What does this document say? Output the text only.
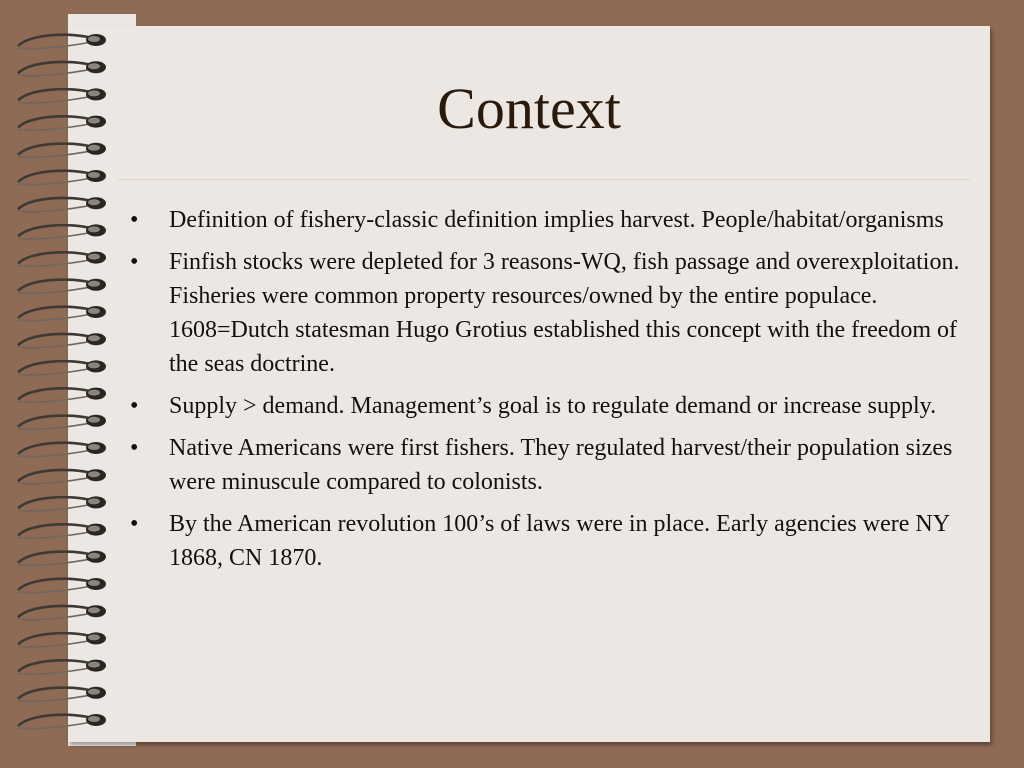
Context
• Definition of fishery-classic definition implies harvest. People/habitat/organisms
• Finfish stocks were depleted for 3 reasons-WQ, fish passage and overexploitation. Fisheries were common property resources/owned by the entire populace. 1608=Dutch statesman Hugo Grotius established this concept with the freedom of the seas doctrine.
• Supply > demand. Management’s goal is to regulate demand or increase supply.
• Native Americans were first fishers. They regulated harvest/their population sizes were minuscule compared to colonists.
• By the American revolution 100’s of laws were in place. Early agencies were NY 1868, CN 1870.
